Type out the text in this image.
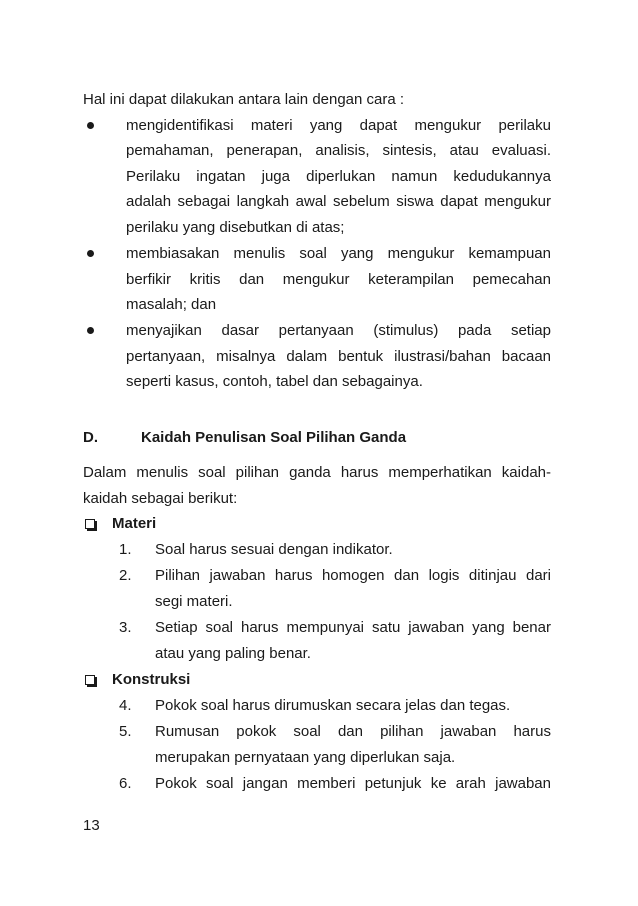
Hal ini dapat dilakukan antara lain dengan cara :
mengidentifikasi materi yang dapat mengukur perilaku
pemahaman, penerapan, analisis, sintesis, atau evaluasi.
Perilaku ingatan juga diperlukan namun kedudukannya
adalah sebagai langkah awal sebelum siswa dapat mengukur
perilaku yang disebutkan di atas;
membiasakan menulis soal yang mengukur kemampuan
berfikir kritis dan mengukur keterampilan pemecahan
masalah; dan
menyajikan dasar pertanyaan (stimulus) pada setiap
pertanyaan, misalnya dalam bentuk ilustrasi/bahan bacaan
seperti kasus, contoh, tabel dan sebagainya.
D.	Kaidah Penulisan Soal Pilihan Ganda
Dalam menulis soal pilihan ganda harus memperhatikan kaidah-
kaidah sebagai berikut:
Materi
1. Soal harus sesuai dengan indikator.
2. Pilihan jawaban harus homogen dan logis ditinjau dari
segi materi.
3. Setiap soal harus mempunyai satu jawaban yang benar
atau yang paling benar.
Konstruksi
4. Pokok soal harus dirumuskan secara jelas dan tegas.
5. Rumusan pokok soal dan pilihan jawaban harus
merupakan pernyataan yang diperlukan saja.
6. Pokok soal jangan memberi petunjuk ke arah jawaban
13
